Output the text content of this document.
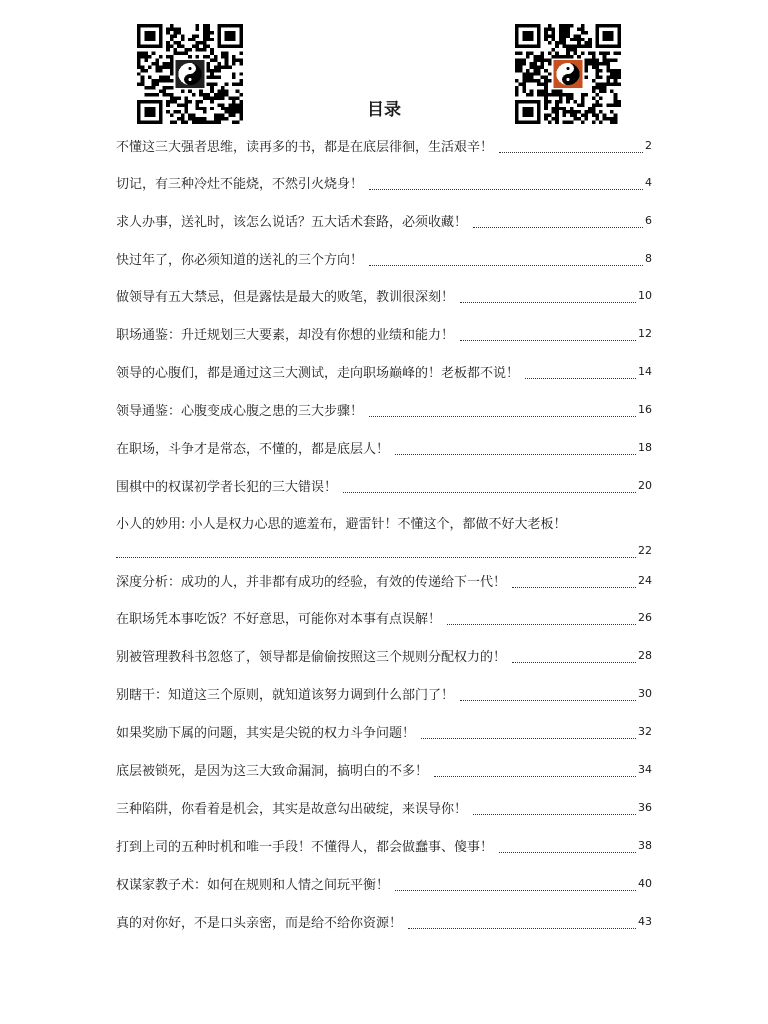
目录
不懂这三大强者思维，读再多的书，都是在底层徘徊，生活艰辛！	2
切记，有三种冷灶不能烧，不然引火烧身！	4
求人办事，送礼时，该怎么说话？五大话术套路，必须收藏！	6
快过年了，你必须知道的送礼的三个方向！	8
做领导有五大禁忌，但是露怯是最大的败笔，教训很深刻！	10
职场通鉴：升迁规划三大要素，却没有你想的业绩和能力！	12
领导的心腹们，都是通过这三大测试，走向职场巅峰的！老板都不说！	14
领导通鉴：心腹变成心腹之患的三大步骤！	16
在职场，斗争才是常态，不懂的，都是底层人！	18
围棋中的权谋初学者长犯的三大错误！	20
小人的妙用: 小人是权力心思的遮羞布，避雷针！不懂这个，都做不好大老板！
22
深度分析：成功的人，并非都有成功的经验，有效的传递给下一代！	24
在职场凭本事吃饭？不好意思，可能你对本事有点误解！	26
别被管理教科书忽悠了，领导都是偷偷按照这三个规则分配权力的！	28
别瞎干：知道这三个原则，就知道该努力调到什么部门了！	30
如果奖励下属的问题，其实是尖锐的权力斗争问题！	32
底层被锁死，是因为这三大致命漏洞，搞明白的不多！	34
三种陷阱，你看着是机会，其实是故意勾出破绽，来误导你！	36
打到上司的五种时机和唯一手段！不懂得人，都会做蠢事、傻事！	38
权谋家教子术：如何在规则和人情之间玩平衡！	40
真的对你好，不是口头亲密，而是给不给你资源！	43
